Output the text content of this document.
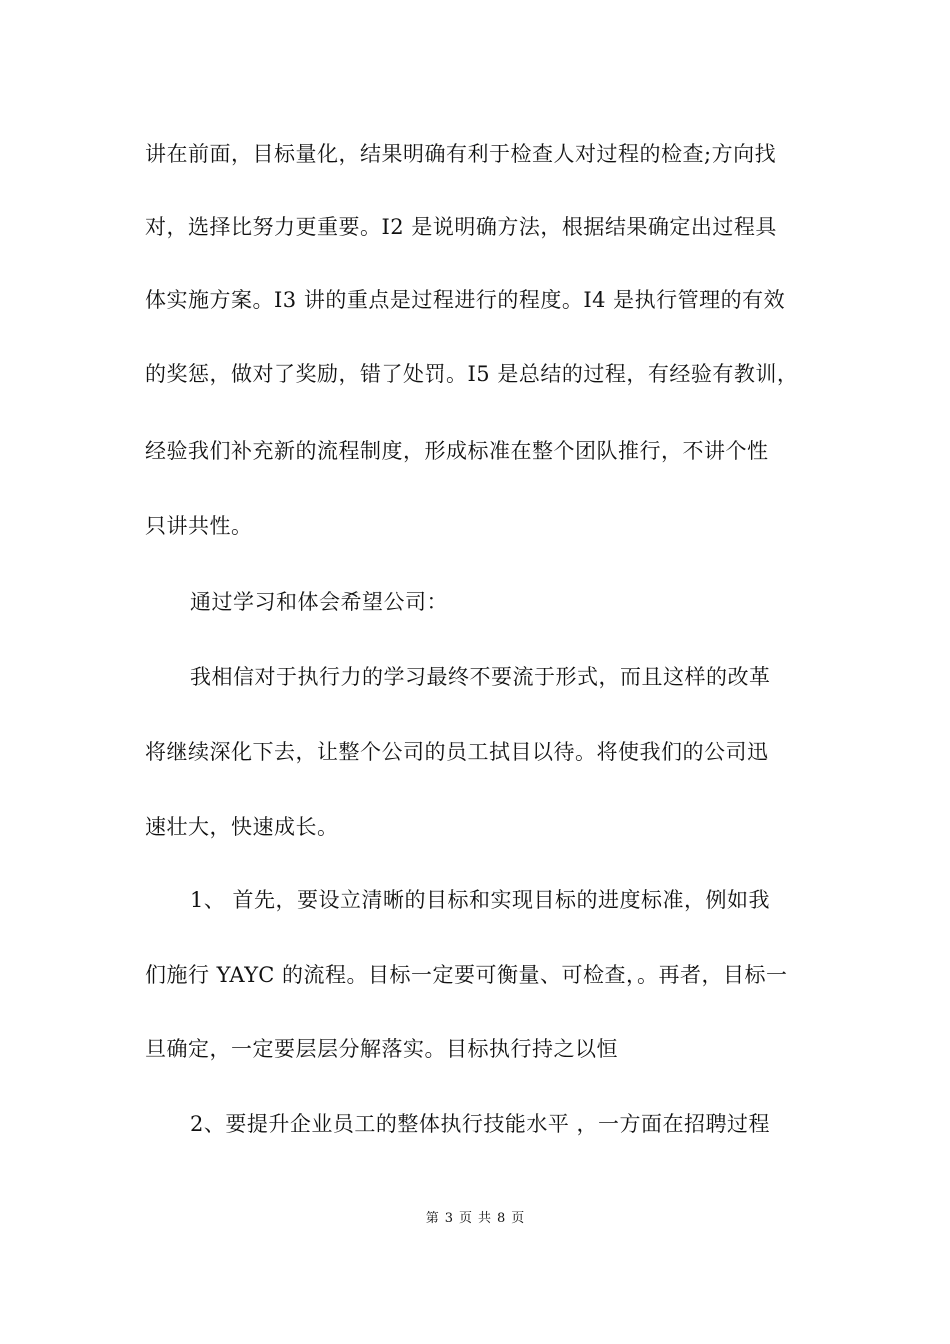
讲在前面，目标量化，结果明确有利于检查人对过程的检查;方向找
对，选择比努力更重要。I2 是说明确方法，根据结果确定出过程具
体实施方案。I3 讲的重点是过程进行的程度。I4 是执行管理的有效
的奖惩，做对了奖励，错了处罚。I5 是总结的过程，有经验有教训，
经验我们补充新的流程制度，形成标准在整个团队推行，不讲个性
只讲共性。
通过学习和体会希望公司：
我相信对于执行力的学习最终不要流于形式，而且这样的改革
将继续深化下去，让整个公司的员工拭目以待。将使我们的公司迅
速壮大，快速成长。
1、 首先，要设立清晰的目标和实现目标的进度标准，例如我
们施行 YAYC 的流程。目标一定要可衡量、可检查，。再者，目标一
旦确定，一定要层层分解落实。目标执行持之以恒
2、要提升企业员工的整体执行技能水平 ，一方面在招聘过程
第 3 页 共 8 页
